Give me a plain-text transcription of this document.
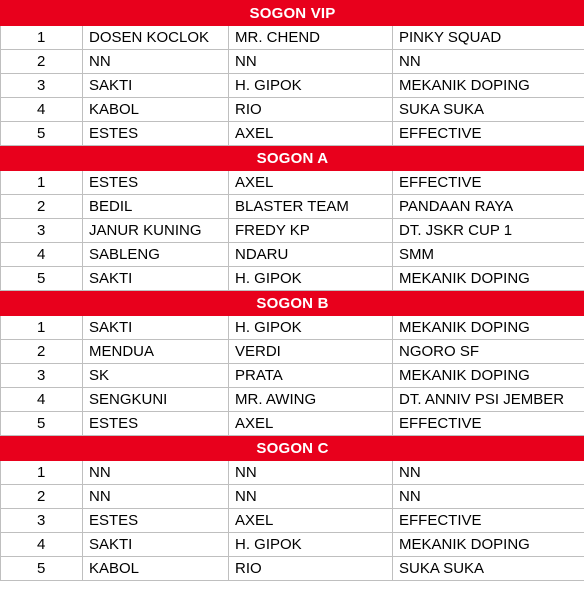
SOGON VIP			
1	DOSEN KOCLOK	MR. CHEND	PINKY SQUAD
2	NN	NN	NN
3	SAKTI	H. GIPOK	MEKANIK DOPING
4	KABOL	RIO	SUKA SUKA
5	ESTES	AXEL	EFFECTIVE
SOGON A			
1	ESTES	AXEL	EFFECTIVE
2	BEDIL	BLASTER TEAM	PANDAAN RAYA
3	JANUR KUNING	FREDY KP	DT. JSKR CUP 1
4	SABLENG	NDARU	SMM
5	SAKTI	H. GIPOK	MEKANIK DOPING
SOGON B			
1	SAKTI	H. GIPOK	MEKANIK DOPING
2	MENDUA	VERDI	NGORO SF
3	SK	PRATA	MEKANIK DOPING
4	SENGKUNI	MR. AWING	DT. ANNIV PSI JEMBER
5	ESTES	AXEL	EFFECTIVE
SOGON C			
1	NN	NN	NN
2	NN	NN	NN
3	ESTES	AXEL	EFFECTIVE
4	SAKTI	H. GIPOK	MEKANIK DOPING
5	KABOL	RIO	SUKA SUKA
